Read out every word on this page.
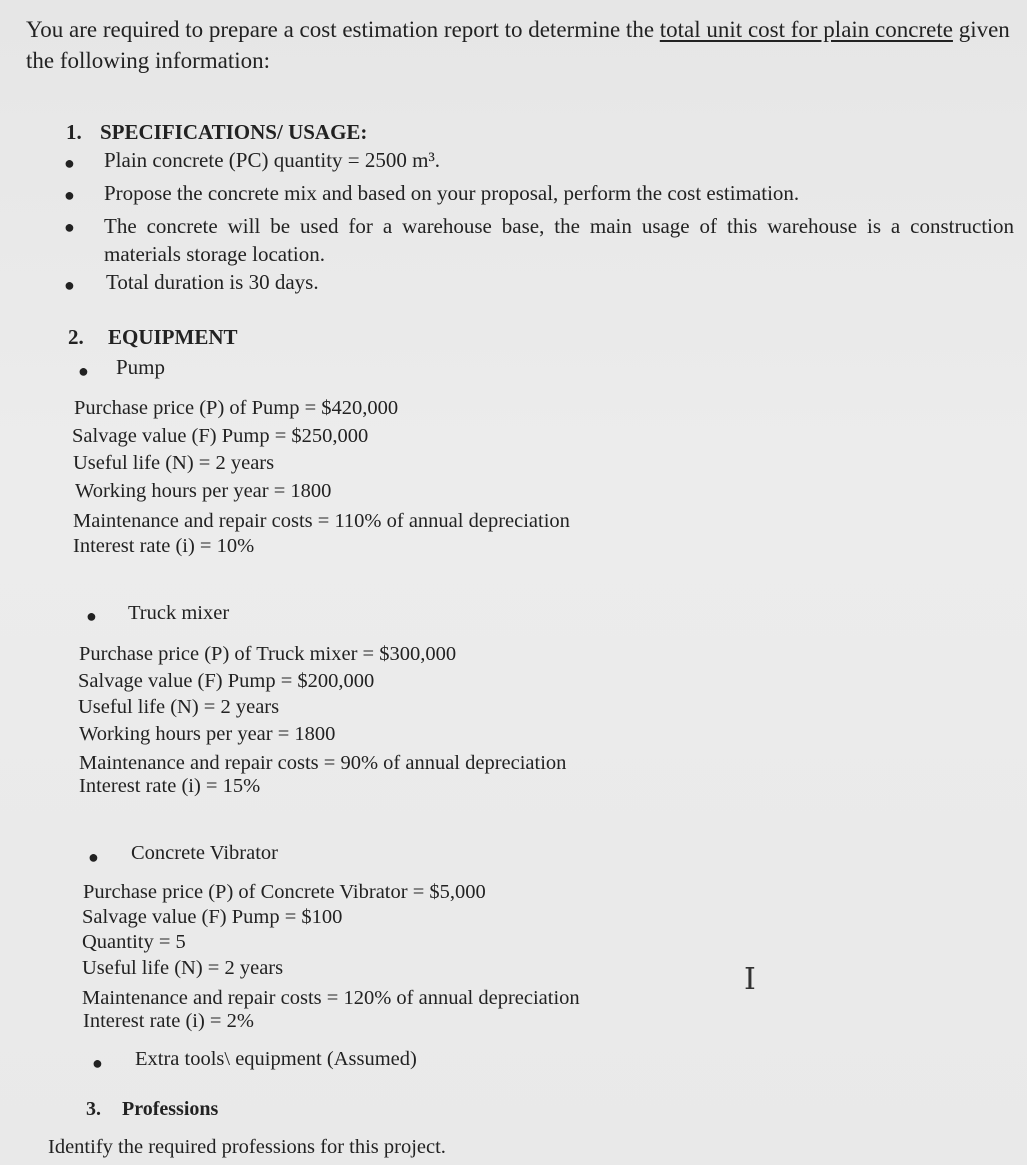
You are required to prepare a cost estimation report to determine the total unit cost for plain concrete given the following information:
1. SPECIFICATIONS/ USAGE:
● Plain concrete (PC) quantity = 2500 m³.
● Propose the concrete mix and based on your proposal, perform the cost estimation.
● The concrete will be used for a warehouse base, the main usage of this warehouse is a construction materials storage location.
● Total duration is 30 days.
2. EQUIPMENT
● Pump
Purchase price (P) of Pump = $420,000
Salvage value (F) Pump = $250,000
Useful life (N) = 2 years
Working hours per year = 1800
Maintenance and repair costs = 110% of annual depreciation
Interest rate (i) = 10%
● Truck mixer
Purchase price (P) of Truck mixer = $300,000
Salvage value (F) Pump = $200,000
Useful life (N) = 2 years
Working hours per year = 1800
Maintenance and repair costs = 90% of annual depreciation
Interest rate (i) = 15%
● Concrete Vibrator
Purchase price (P) of Concrete Vibrator = $5,000
Salvage value (F) Pump = $100
Quantity = 5
Useful life (N) = 2 years
Maintenance and repair costs = 120% of annual depreciation
Interest rate (i) = 2%
I
● Extra tools\ equipment (Assumed)
3. Professions
Identify the required professions for this project.
